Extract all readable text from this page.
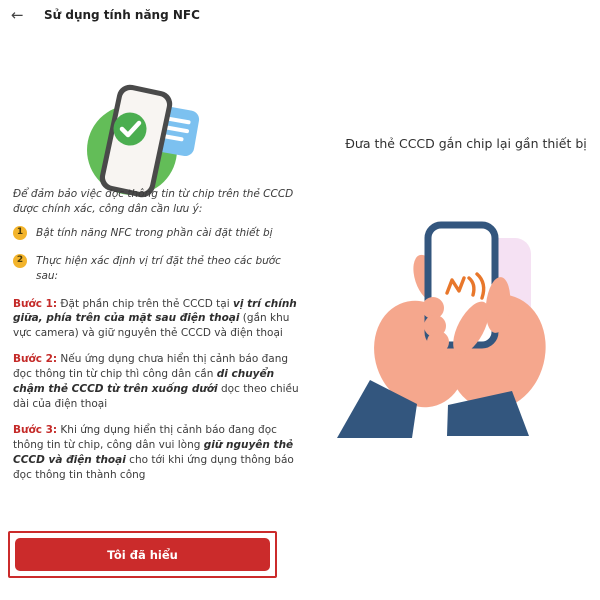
←	Sử dụng tính năng NFC

Để đảm bảo việc đọc thông tin từ chip trên thẻ CCCD được chính xác, công dân cần lưu ý:

1	Bật tính năng NFC trong phần cài đặt thiết bị
2	Thực hiện xác định vị trí đặt thẻ theo các bước sau:

Bước 1: Đặt phần chip trên thẻ CCCD tại vị trí chính giữa, phía trên của mặt sau điện thoại (gần khu vực camera) và giữ nguyên thẻ CCCD và điện thoại

Bước 2: Nếu ứng dụng chưa hiển thị cảnh báo đang đọc thông tin từ chip thì công dân cần di chuyển chậm thẻ CCCD từ trên xuống dưới dọc theo chiều dài của điện thoại

Bước 3: Khi ứng dụng hiển thị cảnh báo đang đọc thông tin từ chip, công dân vui lòng giữ nguyên thẻ CCCD và điện thoại cho tới khi ứng dụng thông báo đọc thông tin thành công

Đưa thẻ CCCD gắn chip lại gần thiết bị
Tôi đã hiểu
